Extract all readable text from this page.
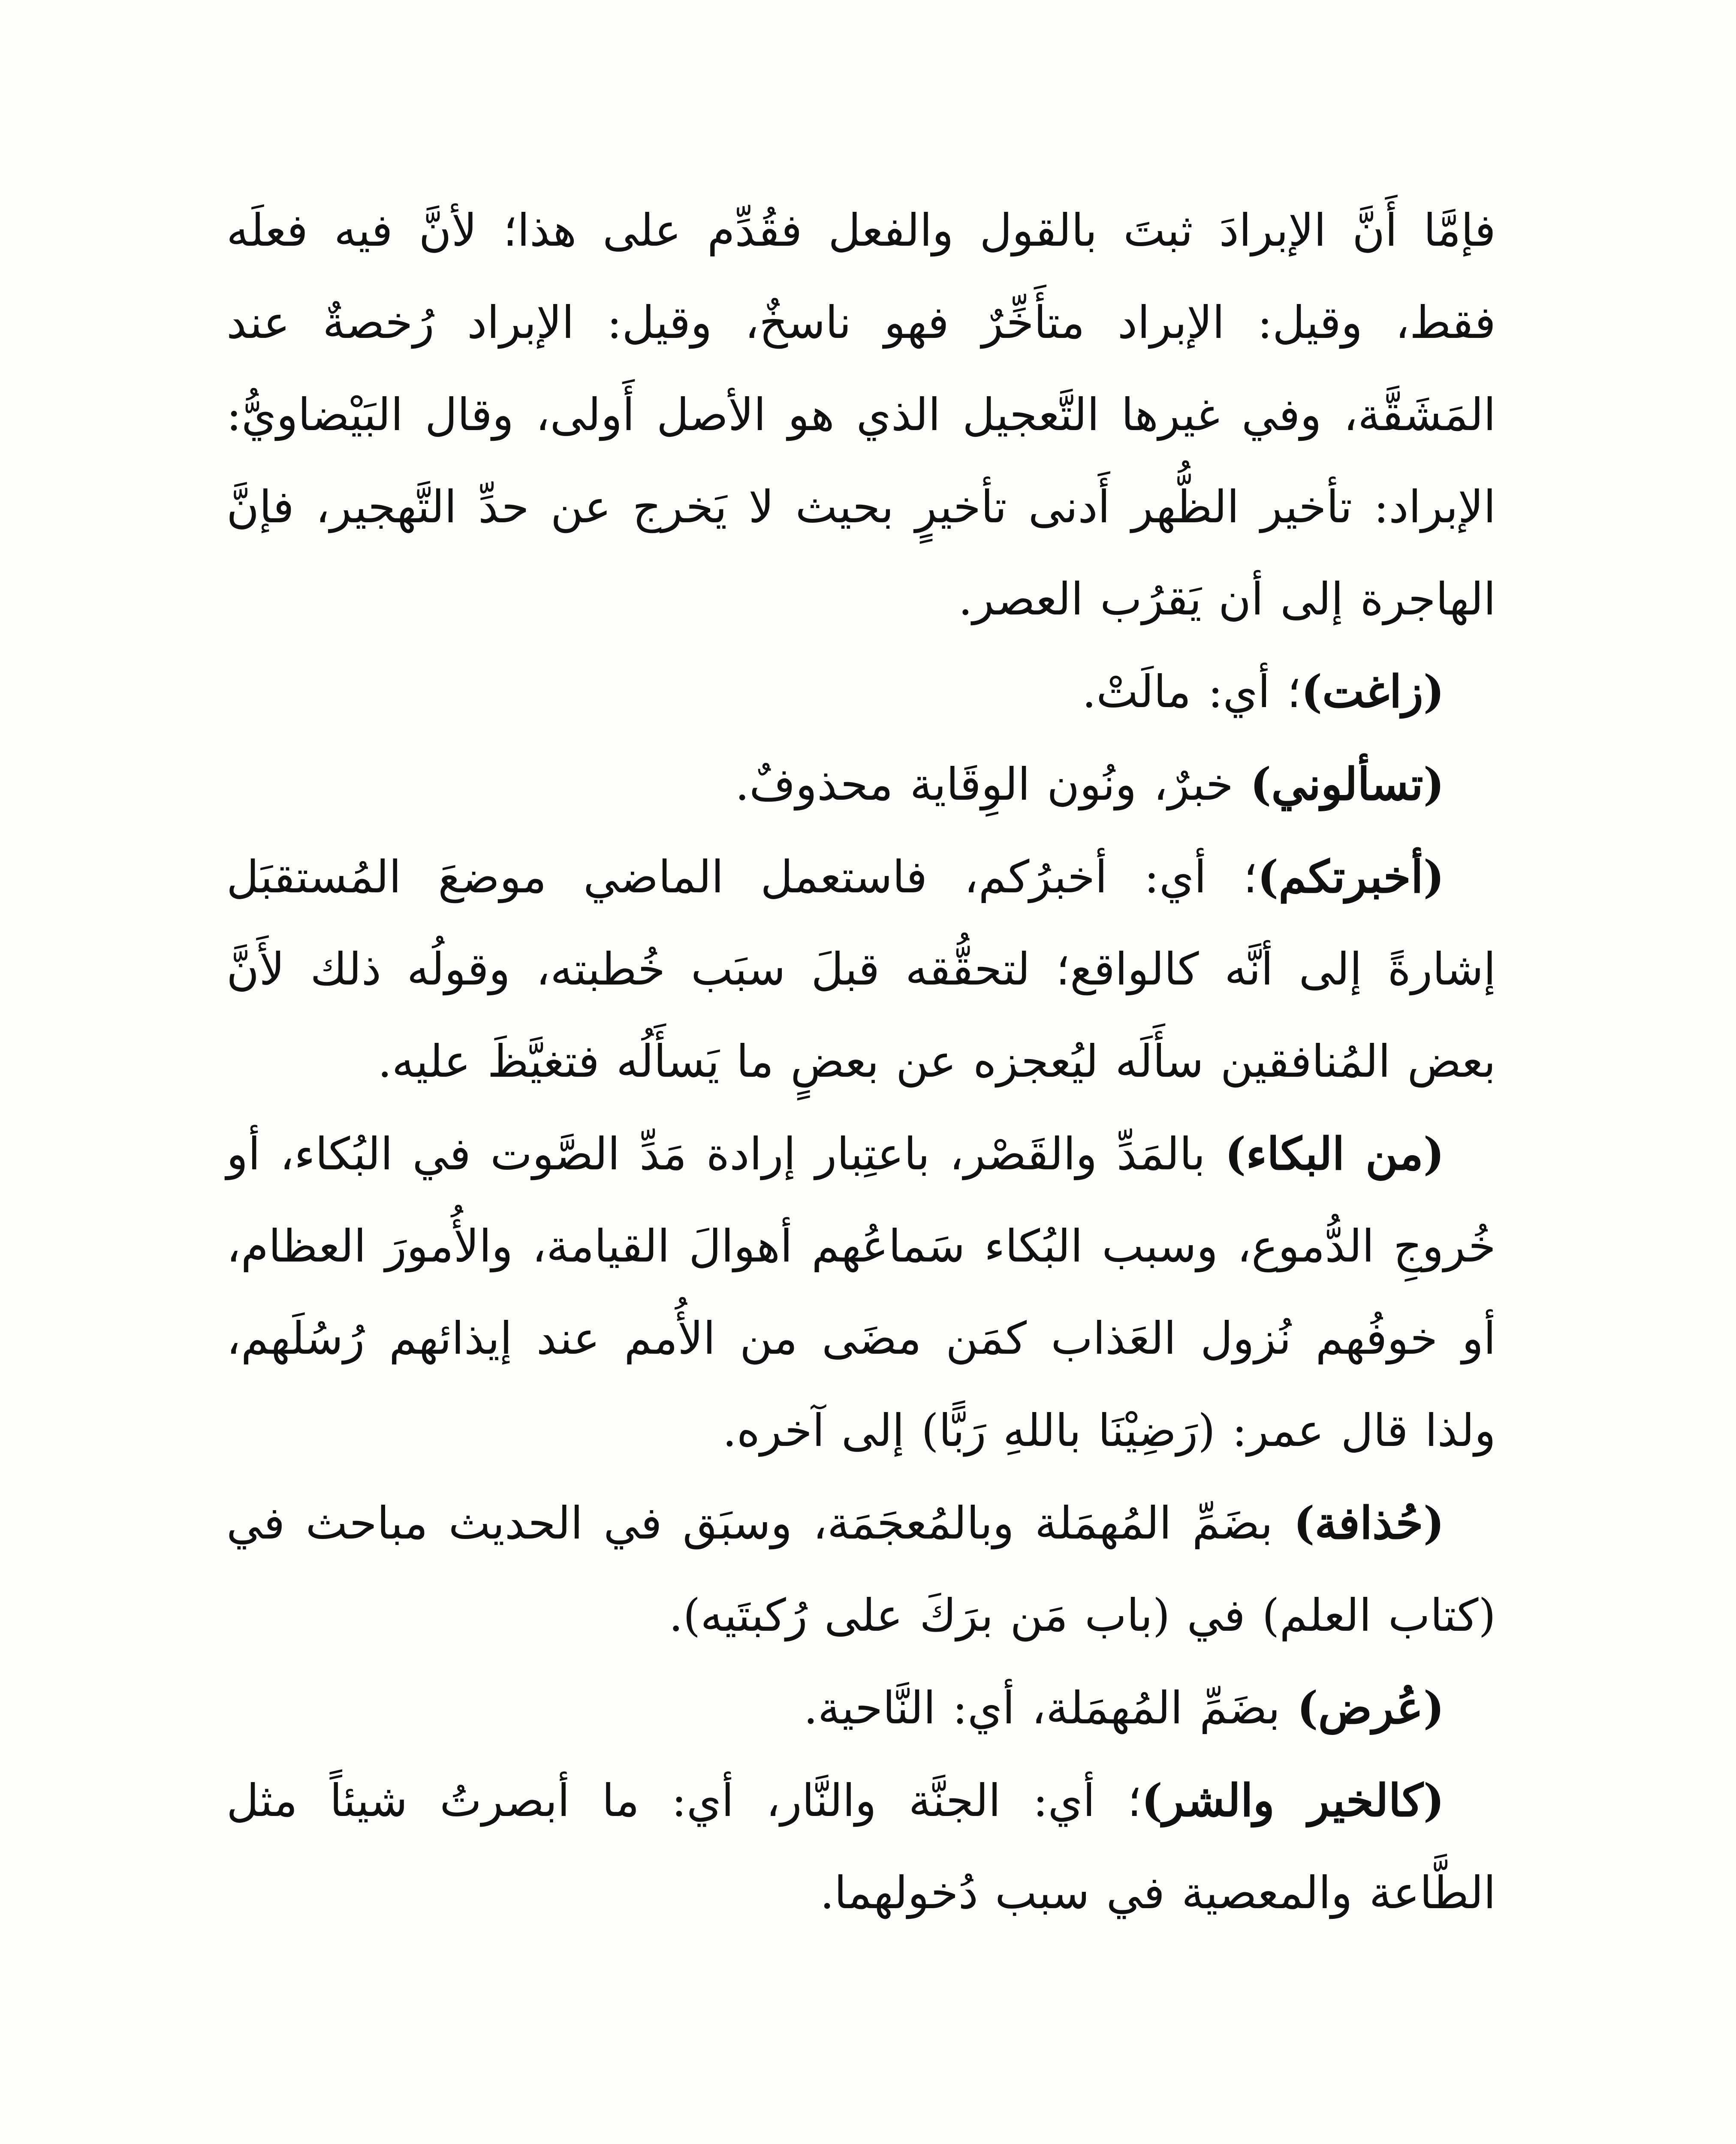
فإمَّا أَنَّ الإبرادَ ثبتَ بالقول والفعل فقُدِّم على هذا؛ لأنَّ فيه فعلَه فقط، وقيل: الإبراد متأَخِّرٌ فهو ناسخٌ، وقيل: الإبراد رُخصةٌ عند المَشَقَّة، وفي غيرها التَّعجيل الذي هو الأصل أَولى، وقال البَيْضاويُّ: الإبراد: تأخير الظُّهر أَدنى تأخيرٍ بحيث لا يَخرج عن حدِّ التَّهجير، فإنَّ الهاجرة إلى أن يَقرُب العصر.

(زاغت)؛ أي: مالَتْ.

(تسألوني) خبرٌ، ونُون الوِقَاية محذوفٌ.

(أخبرتكم)؛ أي: أخبرُكم، فاستعمل الماضي موضعَ المُستقبَل إشارةً إلى أنَّه كالواقع؛ لتحقُّقه قبلَ سبَب خُطبته، وقولُه ذلك لأَنَّ بعض المُنافقين سأَلَه ليُعجزه عن بعضٍ ما يَسأَلُه فتغيَّظَ عليه.

(من البكاء) بالمَدِّ والقَصْر، باعتِبار إرادة مَدِّ الصَّوت في البُكاء، أو خُروجِ الدُّموع، وسبب البُكاء سَماعُهم أهوالَ القيامة، والأُمورَ العظام، أو خوفُهم نُزول العَذاب كمَن مضَى من الأُمم عند إيذائهم رُسُلَهم، ولذا قال عمر: (رَضِيْنَا باللهِ رَبًّا) إلى آخره.

(حُذافة) بضَمِّ المُهمَلة وبالمُعجَمَة، وسبَق في الحديث مباحث في (كتاب العلم) في (باب مَن برَكَ على رُكبتَيه).

(عُرض) بضَمِّ المُهمَلة، أي: النَّاحية.

(كالخير والشر)؛ أي: الجنَّة والنَّار، أي: ما أبصرتُ شيئاً مثل الطَّاعة والمعصية في سبب دُخولهما.
